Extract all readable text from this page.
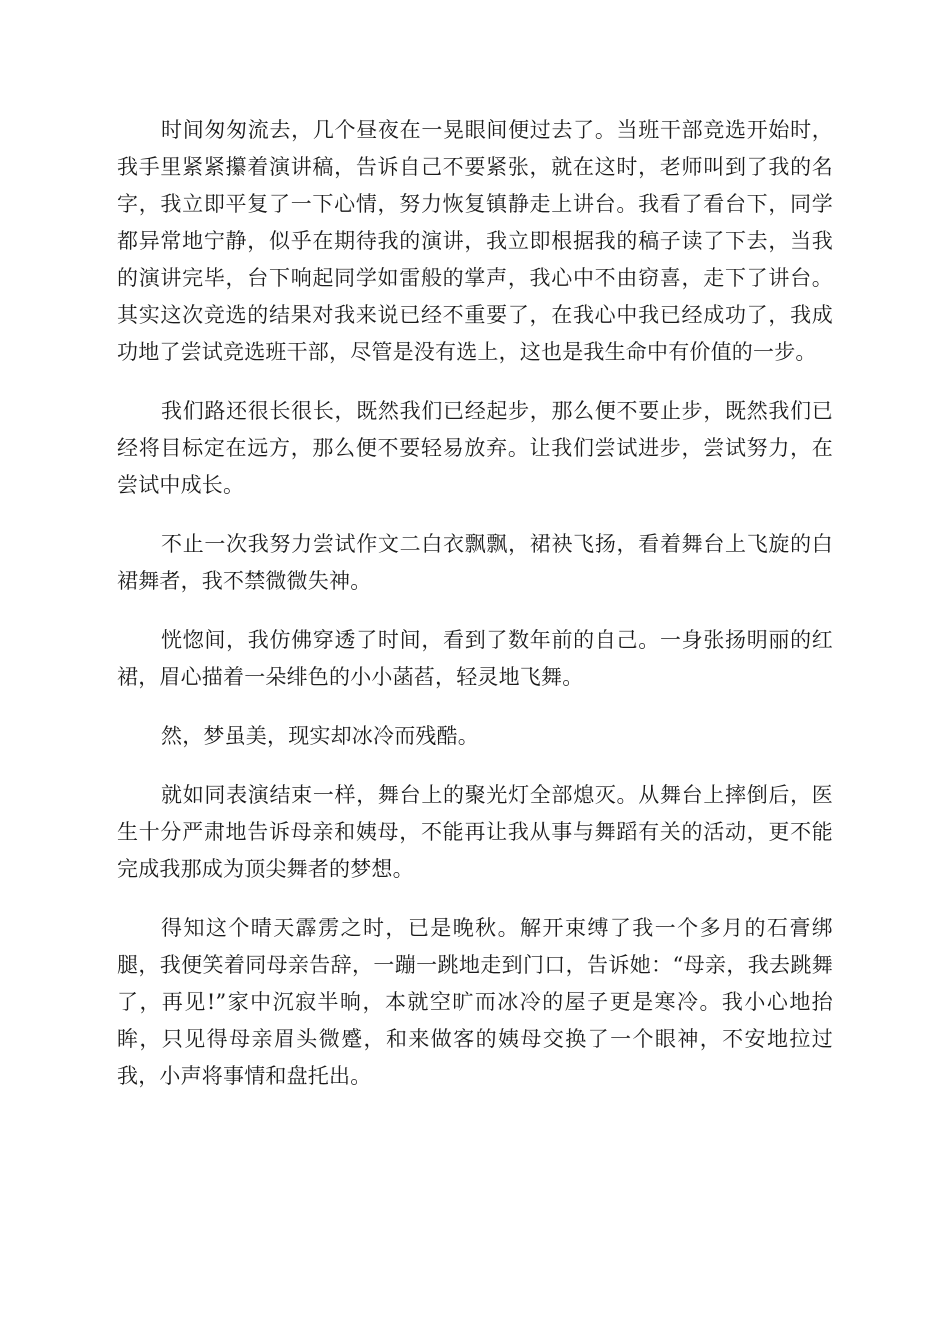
时间匆匆流去，几个昼夜在一晃眼间便过去了。当班干部竞选开始时，我手里紧紧攥着演讲稿，告诉自己不要紧张，就在这时，老师叫到了我的名字，我立即平复了一下心情，努力恢复镇静走上讲台。我看了看台下，同学都异常地宁静，似乎在期待我的演讲，我立即根据我的稿子读了下去，当我的演讲完毕，台下响起同学如雷般的掌声，我心中不由窃喜，走下了讲台。其实这次竞选的结果对我来说已经不重要了，在我心中我已经成功了，我成功地了尝试竞选班干部，尽管是没有选上，这也是我生命中有价值的一步。

我们路还很长很长，既然我们已经起步，那么便不要止步，既然我们已经将目标定在远方，那么便不要轻易放弃。让我们尝试进步，尝试努力，在尝试中成长。

不止一次我努力尝试作文二白衣飘飘，裙袂飞扬，看着舞台上飞旋的白裙舞者，我不禁微微失神。

恍惚间，我仿佛穿透了时间，看到了数年前的自己。一身张扬明丽的红裙，眉心描着一朵绯色的小小菡萏，轻灵地飞舞。

然，梦虽美，现实却冰冷而残酷。

就如同表演结束一样，舞台上的聚光灯全部熄灭。从舞台上摔倒后，医生十分严肃地告诉母亲和姨母，不能再让我从事与舞蹈有关的活动，更不能完成我那成为顶尖舞者的梦想。

得知这个晴天霹雳之时，已是晚秋。解开束缚了我一个多月的石膏绑腿，我便笑着同母亲告辞，一蹦一跳地走到门口，告诉她：“母亲，我去跳舞了，再见!”家中沉寂半晌，本就空旷而冰冷的屋子更是寒冷。我小心地抬眸，只见得母亲眉头微蹙，和来做客的姨母交换了一个眼神，不安地拉过我，小声将事情和盘托出。
